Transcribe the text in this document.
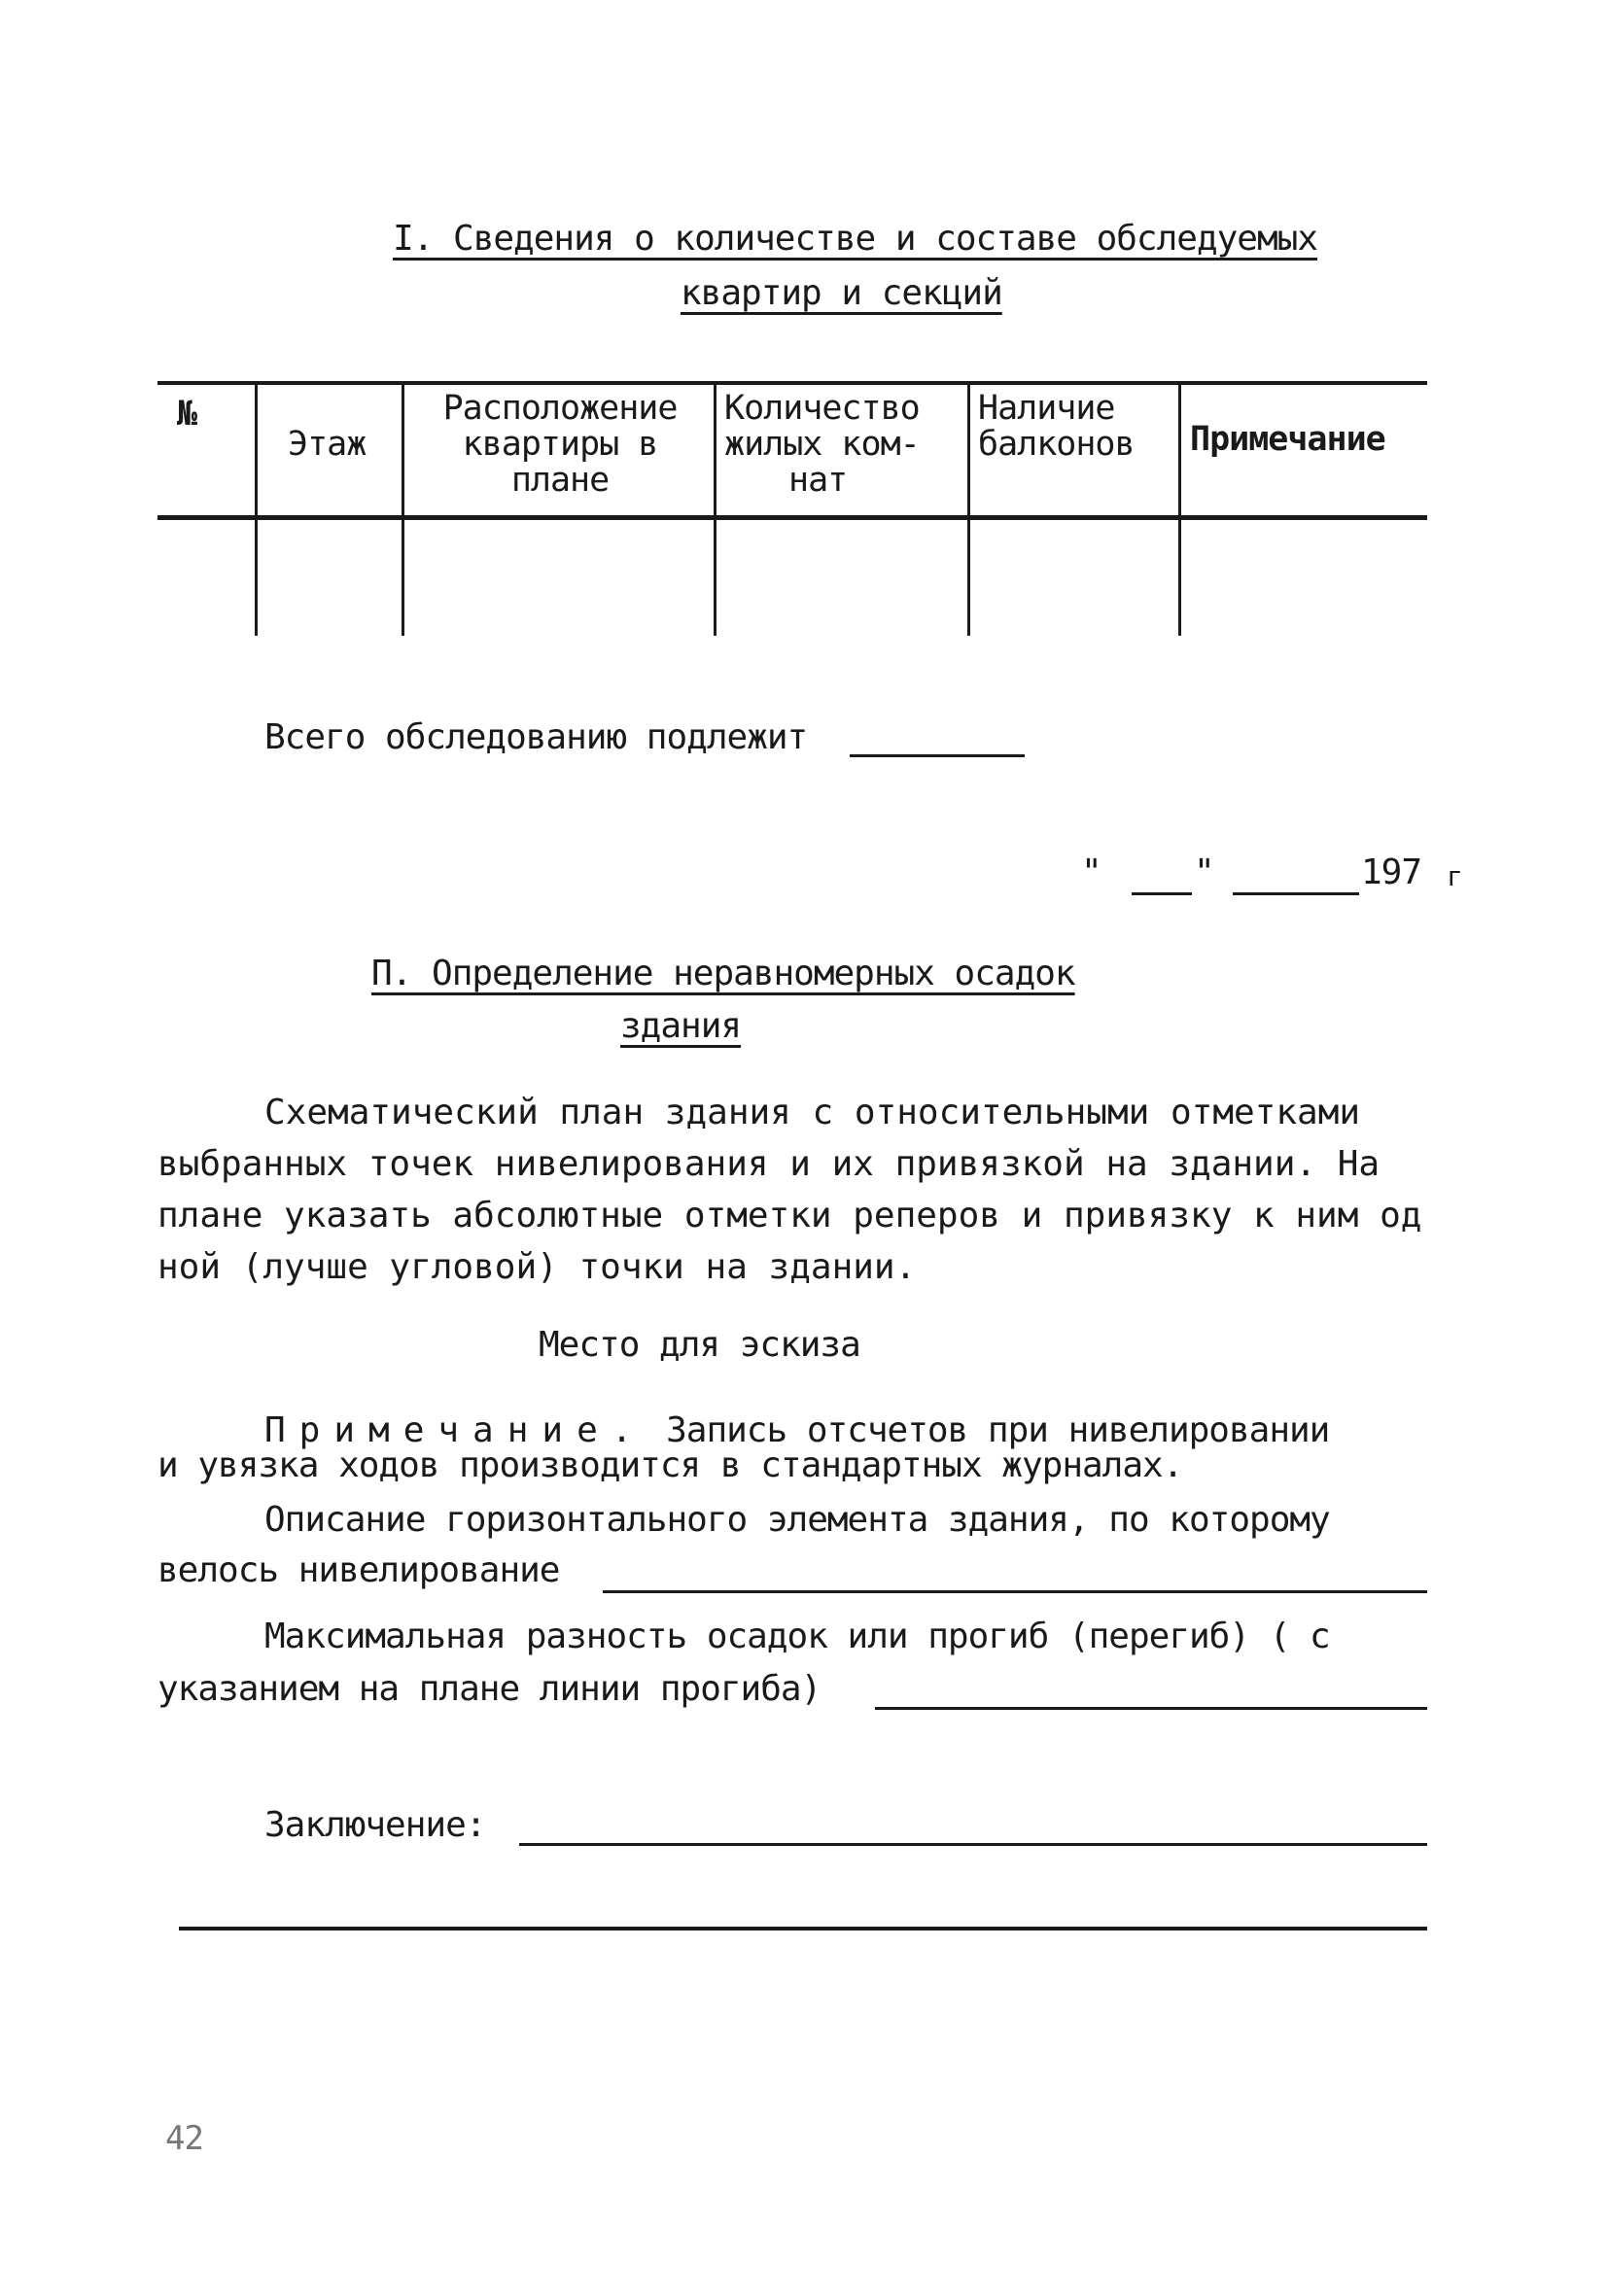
I. Сведения о количестве и составе обследуемых
квартир и секций
№
Этаж
Расположение
квартиры в
плане
Количество
жилых ком-
нат
Наличие
балконов Примечание
Всего обследованию подлежит
"	"	197 г
П. Определение неравномерных осадок
здания
Схематический план здания с относительными отметками
выбранных точек нивелирования и их привязкой на здании. На
плане указать абсолютные отметки реперов и привязку к ним од
ной (лучше угловой) точки на здании.
Место для эскиза
Примечание. Запись отсчетов при нивелировании
и увязка ходов производится в стандартных журналах.
Описание горизонтального элемента здания, по которому
велось нивелирование
Максимальная разность осадок или прогиб (перегиб) ( с
указанием на плане линии прогиба)
Заключение:
42
